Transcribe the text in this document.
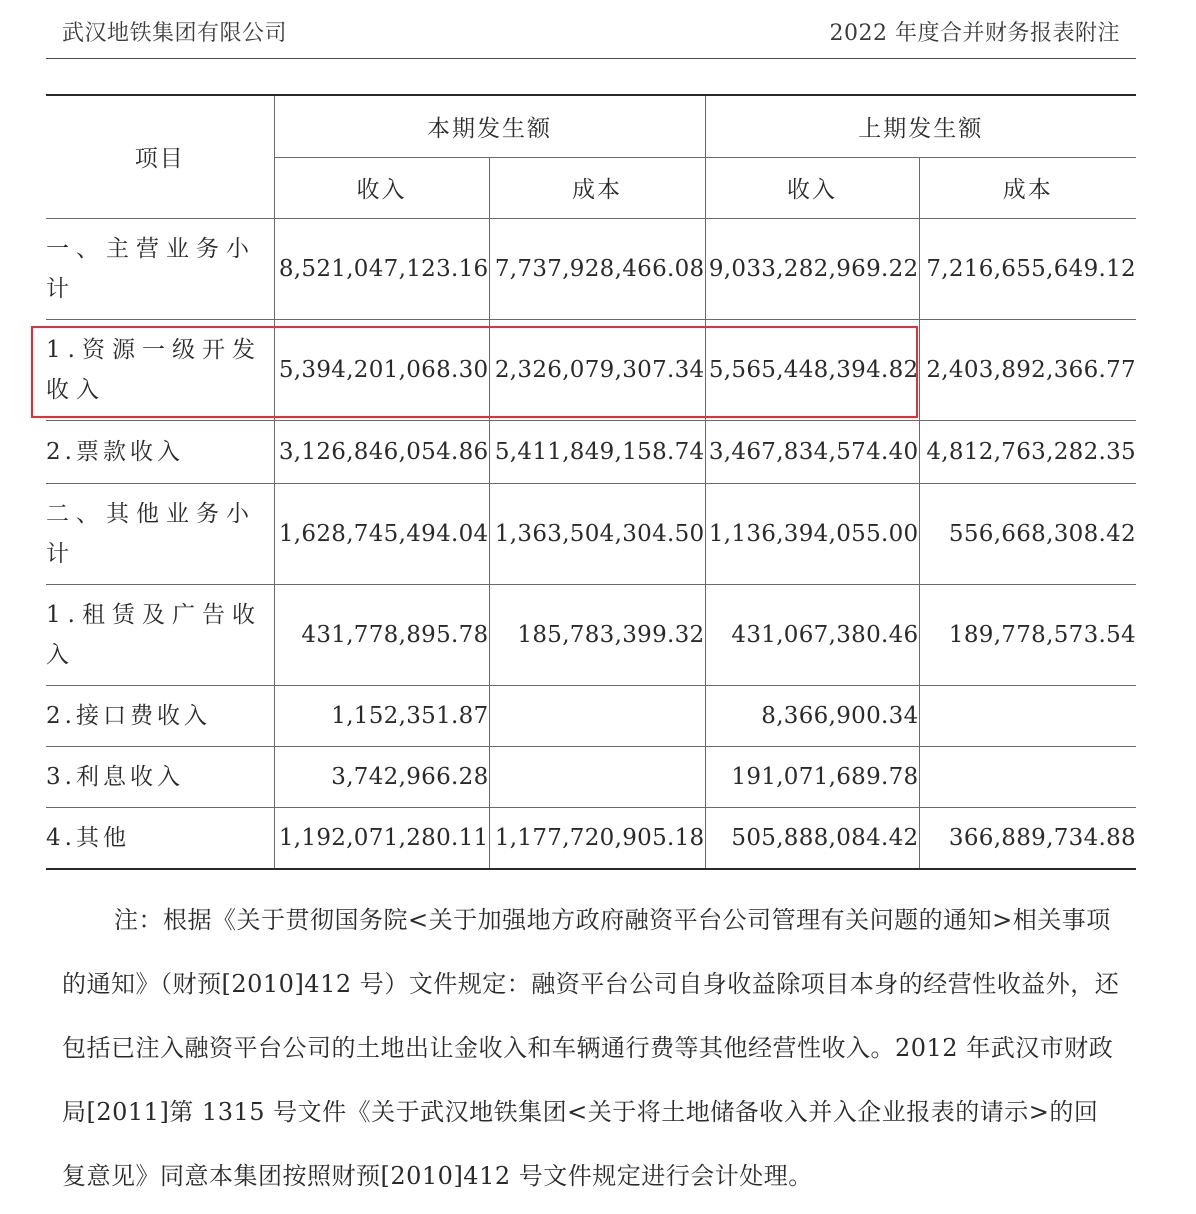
武汉地铁集团有限公司	2022 年度合并财务报表附注
项目	本期发生额		上期发生额	
	收入	成本	收入	成本
一、主营业务小计	8,521,047,123.16	7,737,928,466.08	9,033,282,969.22	7,216,655,649.12
1.资源一级开发收入	5,394,201,068.30	2,326,079,307.34	5,565,448,394.82	2,403,892,366.77
2.票款收入	3,126,846,054.86	5,411,849,158.74	3,467,834,574.40	4,812,763,282.35
二、其他业务小计	1,628,745,494.04	1,363,504,304.50	1,136,394,055.00	556,668,308.42
1.租赁及广告收入	431,778,895.78	185,783,399.32	431,067,380.46	189,778,573.54
2.接口费收入	1,152,351.87		8,366,900.34	
3.利息收入	3,742,966.28		191,071,689.78	
4.其他	1,192,071,280.11	1,177,720,905.18	505,888,084.42	366,889,734.88
注：根据《关于贯彻国务院<关于加强地方政府融资平台公司管理有关问题的通知>相关事项的通知》（财预[2010]412 号）文件规定：融资平台公司自身收益除项目本身的经营性收益外，还包括已注入融资平台公司的土地出让金收入和车辆通行费等其他经营性收入。2012 年武汉市财政局[2011]第 1315 号文件《关于武汉地铁集团<关于将土地储备收入并入企业报表的请示>的回复意见》同意本集团按照财预[2010]412 号文件规定进行会计处理。
